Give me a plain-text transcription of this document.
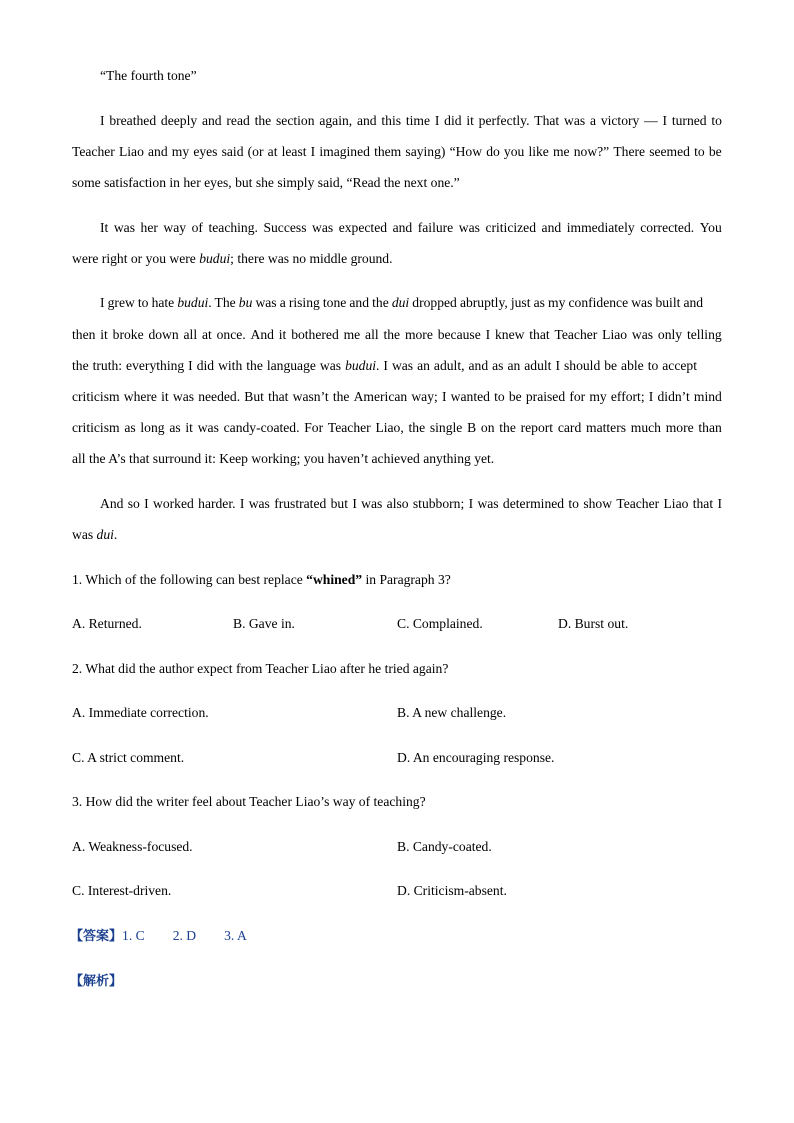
“The fourth tone”
I breathed deeply and read the section again, and this time I did it perfectly. That was a victory — I turned to
Teacher Liao and my eyes said (or at least I imagined them saying) “How do you like me now?” There seemed to be
some satisfaction in her eyes, but she simply said, “Read the next one.”
It was her way of teaching. Success was expected and failure was criticized and immediately corrected. You
were right or you were budui; there was no middle ground.
I grew to hate budui. The bu was a rising tone and the dui dropped abruptly, just as my confidence was built and
then it broke down all at once. And it bothered me all the more because I knew that Teacher Liao was only telling
the truth: everything I did with the language was budui. I was an adult, and as an adult I should be able to accept
criticism where it was needed. But that wasn’t the American way; I wanted to be praised for my effort; I didn’t mind
criticism as long as it was candy-coated. For Teacher Liao, the single B on the report card matters much more than
all the A’s that surround it: Keep working; you haven’t achieved anything yet.
And so I worked harder. I was frustrated but I was also stubborn; I was determined to show Teacher Liao that I
was dui.
1. Which of the following can best replace “whined” in Paragraph 3?
A. Returned.	B. Gave in.	C. Complained.	D. Burst out.
2. What did the author expect from Teacher Liao after he tried again?
A. Immediate correction.	B. A new challenge.
C. A strict comment.	D. An encouraging response.
3. How did the writer feel about Teacher Liao’s way of teaching?
A. Weakness-focused.	B. Candy-coated.
C. Interest-driven.	D. Criticism-absent.
【答案】1. C 2. D 3. A
【解析】
